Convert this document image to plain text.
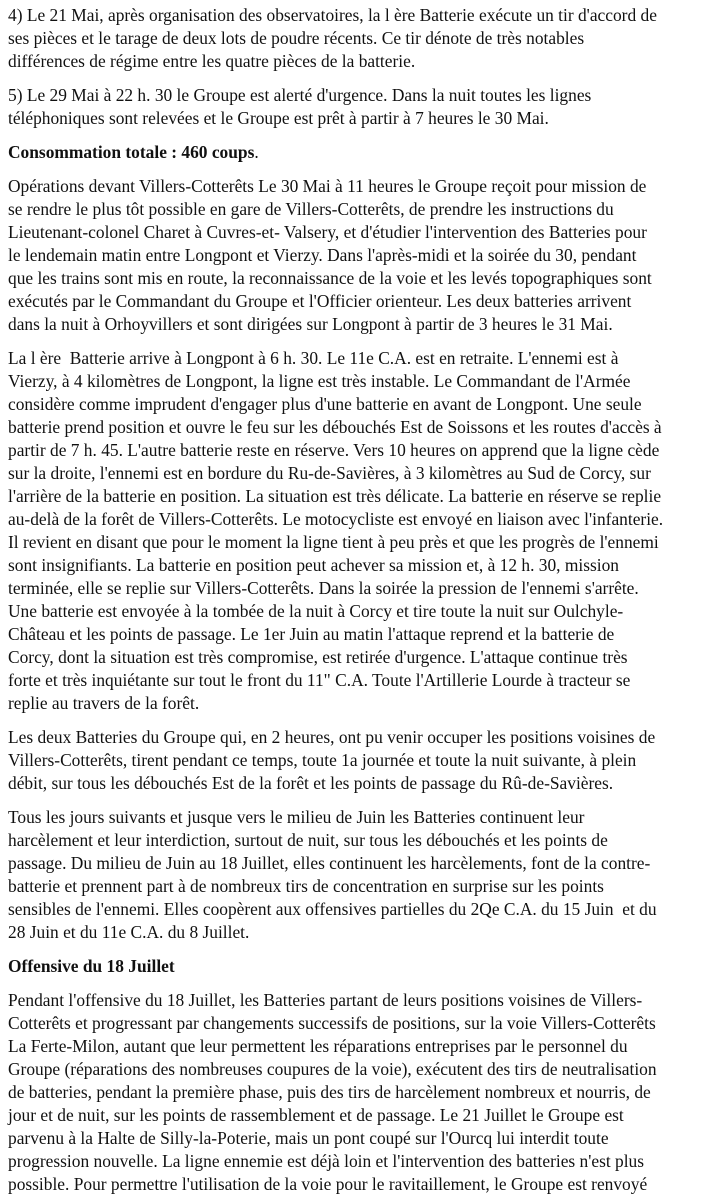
4) Le 21 Mai, après organisation des observatoires, la l ère Batterie exécute un tir d'accord de
ses pièces et le tarage de deux lots de poudre récents. Ce tir dénote de très notables
différences de régime entre les quatre pièces de la batterie.

5) Le 29 Mai à 22 h. 30 le Groupe est alerté d'urgence. Dans la nuit toutes les lignes
téléphoniques sont relevées et le Groupe est prêt à partir à 7 heures le 30 Mai.

Consommation totale : 460 coups.

Opérations devant Villers-Cotterêts Le 30 Mai à 11 heures le Groupe reçoit pour mission de
se rendre le plus tôt possible en gare de Villers-Cotterêts, de prendre les instructions du
Lieutenant-colonel Charet à Cuvres-et- Valsery, et d'étudier l'intervention des Batteries pour
le lendemain matin entre Longpont et Vierzy. Dans l'après-midi et la soirée du 30, pendant
que les trains sont mis en route, la reconnaissance de la voie et les levés topographiques sont
exécutés par le Commandant du Groupe et l'Officier orienteur. Les deux batteries arrivent
dans la nuit à Orhoyvillers et sont dirigées sur Longpont à partir de 3 heures le 31 Mai.

La l ère  Batterie arrive à Longpont à 6 h. 30. Le 11e C.A. est en retraite. L'ennemi est à
Vierzy, à 4 kilomètres de Longpont, la ligne est très instable. Le Commandant de l'Armée
considère comme imprudent d'engager plus d'une batterie en avant de Longpont. Une seule
batterie prend position et ouvre le feu sur les débouchés Est de Soissons et les routes d'accès à
partir de 7 h. 45. L'autre batterie reste en réserve. Vers 10 heures on apprend que la ligne cède
sur la droite, l'ennemi est en bordure du Ru-de-Savières, à 3 kilomètres au Sud de Corcy, sur
l'arrière de la batterie en position. La situation est très délicate. La batterie en réserve se replie
au-delà de la forêt de Villers-Cotterêts. Le motocycliste est envoyé en liaison avec l'infanterie.
Il revient en disant que pour le moment la ligne tient à peu près et que les progrès de l'ennemi
sont insignifiants. La batterie en position peut achever sa mission et, à 12 h. 30, mission
terminée, elle se replie sur Villers-Cotterêts. Dans la soirée la pression de l'ennemi s'arrête.
Une batterie est envoyée à la tombée de la nuit à Corcy et tire toute la nuit sur Oulchyle-
Château et les points de passage. Le 1er Juin au matin l'attaque reprend et la batterie de
Corcy, dont la situation est très compromise, est retirée d'urgence. L'attaque continue très
forte et très inquiétante sur tout le front du 11" C.A. Toute l'Artillerie Lourde à tracteur se
replie au travers de la forêt.

Les deux Batteries du Groupe qui, en 2 heures, ont pu venir occuper les positions voisines de
Villers-Cotterêts, tirent pendant ce temps, toute 1a journée et toute la nuit suivante, à plein
débit, sur tous les débouchés Est de la forêt et les points de passage du Rû-de-Savières.

Tous les jours suivants et jusque vers le milieu de Juin les Batteries continuent leur
harcèlement et leur interdiction, surtout de nuit, sur tous les débouchés et les points de
passage. Du milieu de Juin au 18 Juillet, elles continuent les harcèlements, font de la contre-
batterie et prennent part à de nombreux tirs de concentration en surprise sur les points
sensibles de l'ennemi. Elles coopèrent aux offensives partielles du 2Qe C.A. du 15 Juin  et du
28 Juin et du 11e C.A. du 8 Juillet.

Offensive du 18 Juillet

Pendant l'offensive du 18 Juillet, les Batteries partant de leurs positions voisines de Villers-
Cotterêts et progressant par changements successifs de positions, sur la voie Villers-Cotterêts
La Ferte-Milon, autant que leur permettent les réparations entreprises par le personnel du
Groupe (réparations des nombreuses coupures de la voie), exécutent des tirs de neutralisation
de batteries, pendant la première phase, puis des tirs de harcèlement nombreux et nourris, de
jour et de nuit, sur les points de rassemblement et de passage. Le 21 Juillet le Groupe est
parvenu à la Halte de Silly-la-Poterie, mais un pont coupé sur l'Ourcq lui interdit toute
progression nouvelle. La ligne ennemie est déjà loin et l'intervention des batteries n'est plus
possible. Pour permettre l'utilisation de la voie pour le ravitaillement, le Groupe est renvoyé
